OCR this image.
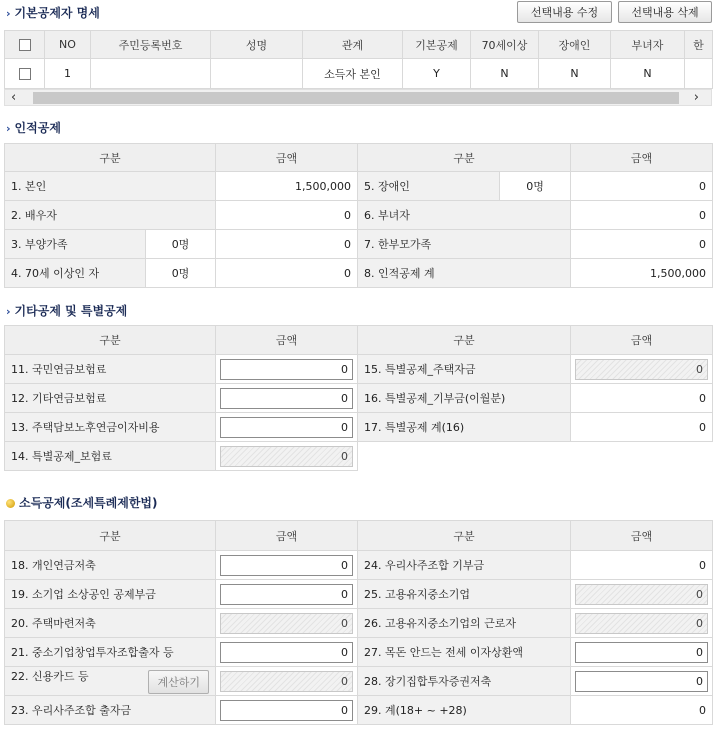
› 기본공제자 명세	선택내용 수정	선택내용 삭제
	NO	주민등록번호	성명	관계	기본공제	70세이상	장애인	부녀자	한
	1			소득자 본인	Y	N	N	N	
‹	›
› 인적공제
구분		금액	구분		금액
1. 본인		1,500,000	5. 장애인	0명	0
2. 배우자		0	6. 부녀자		0
3. 부양가족	0명	0	7. 한부모가족		0
4. 70세 이상인 자	0명	0	8. 인적공제 계		1,500,000
› 기타공제 및 특별공제
구분	금액	구분	금액
11. 국민연금보험료	0	15. 특별공제_주택자금	0

12. 기타연금보험료	0	16. 특별공제_기부금(이월분)	0
13. 주택담보노후연금이자비용	0	17. 특별공제 계(16)	0
14. 특별공제_보험료	0		

소득공제(조세특례제한법)
구분	금액	구분	금액
18. 개인연금저축	0	24. 우리사주조합 기부금	0
19. 소기업 소상공인 공제부금	0	25. 고용유지중소기업	0

20. 주택마련저축	0	26. 고용유지중소기업의 근로자	0

21. 중소기업창업투자조합출자 등	0	27. 목돈 안드는 전세 이자상환액	0

22. 신용카드 등 계산하기	0	28. 장기집합투자증권저축	0

23. 우리사주조합 출자금	0	29. 계(18+ ~ +28)	0
